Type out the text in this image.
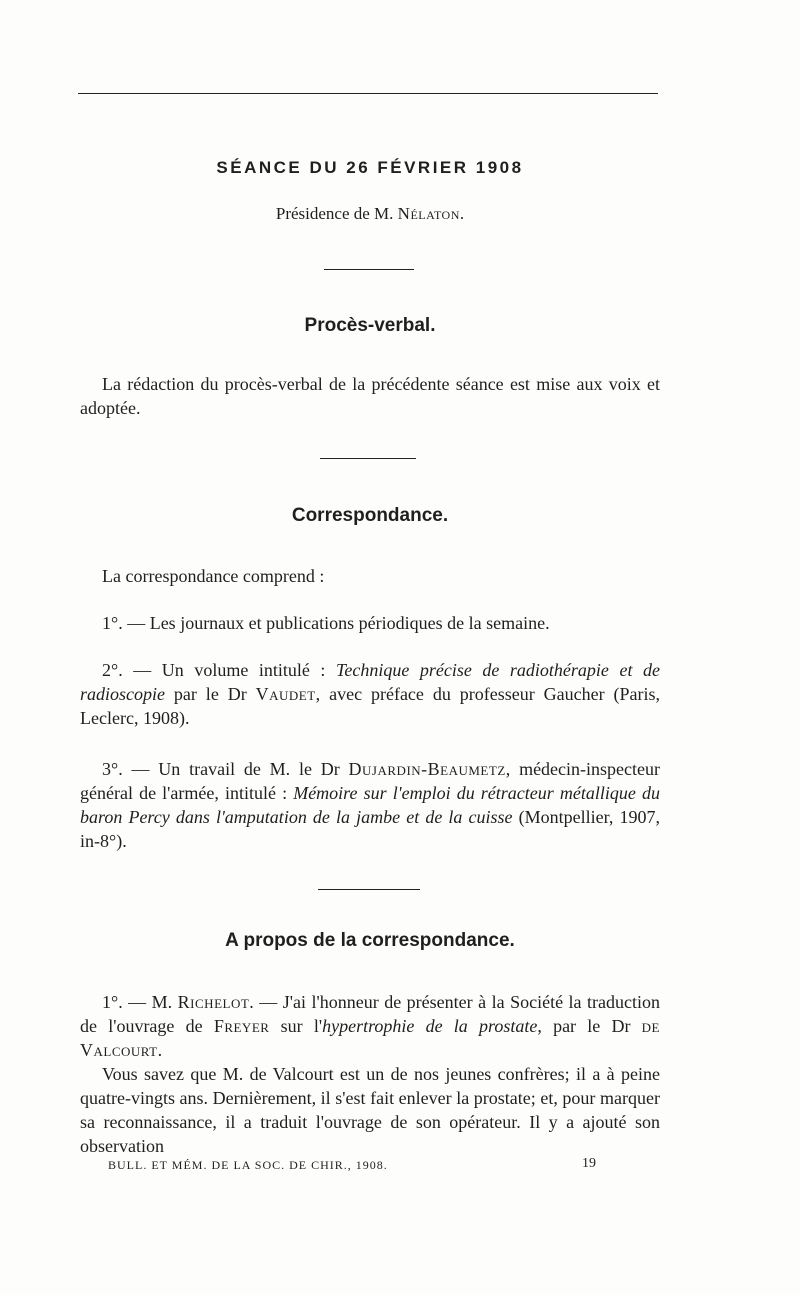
SÉANCE DU 26 FÉVRIER 1908
Présidence de M. Nélaton.
Procès-verbal.

La rédaction du procès-verbal de la précédente séance est mise aux voix et adoptée.

Correspondance.

La correspondance comprend :

1°. — Les journaux et publications périodiques de la semaine.

2°. — Un volume intitulé : Technique précise de radiothérapie et de radioscopie par le Dr Vaudet, avec préface du professeur Gaucher (Paris, Leclerc, 1908).

3°. — Un travail de M. le Dr Dujardin-Beaumetz, médecin-inspecteur général de l'armée, intitulé : Mémoire sur l'emploi du rétracteur métallique du baron Percy dans l'amputation de la jambe et de la cuisse (Montpellier, 1907, in-8°).

A propos de la correspondance.

1°. — M. Richelot. — J'ai l'honneur de présenter à la Société la traduction de l'ouvrage de Freyer sur l'hypertrophie de la prostate, par le Dr de Valcourt.

Vous savez que M. de Valcourt est un de nos jeunes confrères; il a à peine quatre-vingts ans. Dernièrement, il s'est fait enlever la prostate; et, pour marquer sa reconnaissance, il a traduit l'ouvrage de son opérateur. Il y a ajouté son observation

BULL. ET MÉM. DE LA SOC. DE CHIR., 1908.	19
